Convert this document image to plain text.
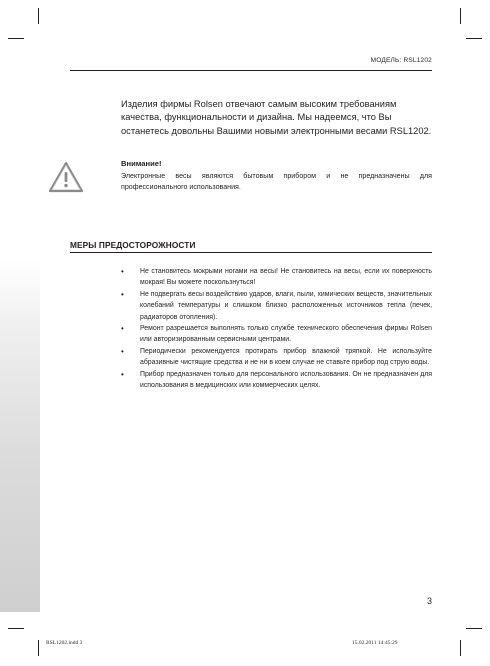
МОДЕЛЬ: RSL1202
Изделия фирмы Rolsen отвечают самым высоким требованиям качества, функциональности и дизайна. Мы надеемся, что Вы останетесь довольны Вашими новыми электронными весами RSL1202.
Внимание!
Электронные весы являются бытовым прибором и не предназначены для профессионального использования.
МЕРЫ ПРЕДОСТОРОЖНОСТИ
• Не становитесь мокрыми ногами на весы! Не становитесь на весы, если их поверхность мокрая! Вы можете поскользнуться!
• Не подвергать весы воздействию ударов, влаги, пыли, химических веществ, значительных колебаний температуры и слишком близко расположенных источников тепла (печек, радиаторов отопления).
• Ремонт разрешается выполнять только службе технического обеспечения фирмы Rolsen или авторизированным сервисными центрами.
• Периодически рекомендуется протирать прибор влажной тряпкой. Не используйте абразивные чистящие средства и не ни в коем случае не ставьте прибор под струю воды.
• Прибор предназначен только для персонального использования. Он не предназначен для использования в медицинских или коммерческих целях.
3
RSL1202.indd 3	15.02.2011 14:45:29
